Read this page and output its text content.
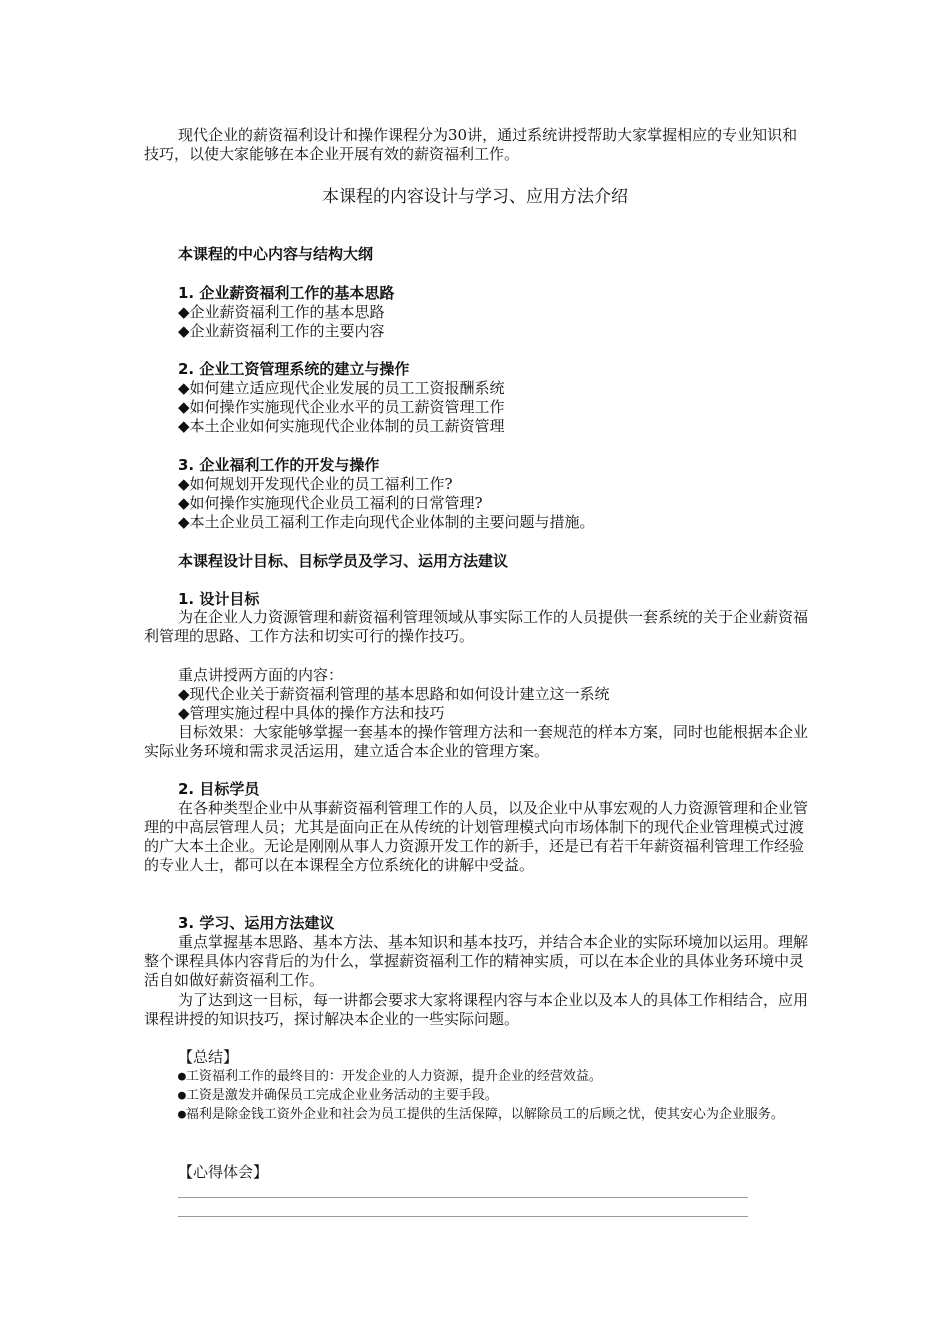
现代企业的薪资福利设计和操作课程分为30讲，通过系统讲授帮助大家掌握相应的专业知识和技巧，以使大家能够在本企业开展有效的薪资福利工作。

本课程的内容设计与学习、应用方法介绍

本课程的中心内容与结构大纲

1. 企业薪资福利工作的基本思路

◆企业薪资福利工作的基本思路

◆企业薪资福利工作的主要内容

2. 企业工资管理系统的建立与操作

◆如何建立适应现代企业发展的员工工资报酬系统

◆如何操作实施现代企业水平的员工薪资管理工作

◆本土企业如何实施现代企业体制的员工薪资管理

3. 企业福利工作的开发与操作

◆如何规划开发现代企业的员工福利工作?

◆如何操作实施现代企业员工福利的日常管理?

◆本土企业员工福利工作走向现代企业体制的主要问题与措施。

本课程设计目标、目标学员及学习、运用方法建议

1. 设计目标

为在企业人力资源管理和薪资福利管理领域从事实际工作的人员提供一套系统的关于企业薪资福利管理的思路、工作方法和切实可行的操作技巧。

重点讲授两方面的内容：

◆现代企业关于薪资福利管理的基本思路和如何设计建立这一系统

◆管理实施过程中具体的操作方法和技巧

目标效果：大家能够掌握一套基本的操作管理方法和一套规范的样本方案，同时也能根据本企业实际业务环境和需求灵活运用，建立适合本企业的管理方案。

2. 目标学员

在各种类型企业中从事薪资福利管理工作的人员，以及企业中从事宏观的人力资源管理和企业管理的中高层管理人员；尤其是面向正在从传统的计划管理模式向市场体制下的现代企业管理模式过渡的广大本土企业。无论是刚刚从事人力资源开发工作的新手，还是已有若干年薪资福利管理工作经验的专业人士，都可以在本课程全方位系统化的讲解中受益。

3. 学习、运用方法建议

重点掌握基本思路、基本方法、基本知识和基本技巧，并结合本企业的实际环境加以运用。理解整个课程具体内容背后的为什么，掌握薪资福利工作的精神实质，可以在本企业的具体业务环境中灵活自如做好薪资福利工作。

为了达到这一目标，每一讲都会要求大家将课程内容与本企业以及本人的具体工作相结合，应用课程讲授的知识技巧，探讨解决本企业的一些实际问题。

【总结】

●工资福利工作的最终目的：开发企业的人力资源，提升企业的经营效益。

●工资是激发并确保员工完成企业业务活动的主要手段。

●福利是除金钱工资外企业和社会为员工提供的生活保障，以解除员工的后顾之忧，使其安心为企业服务。

【心得体会】
